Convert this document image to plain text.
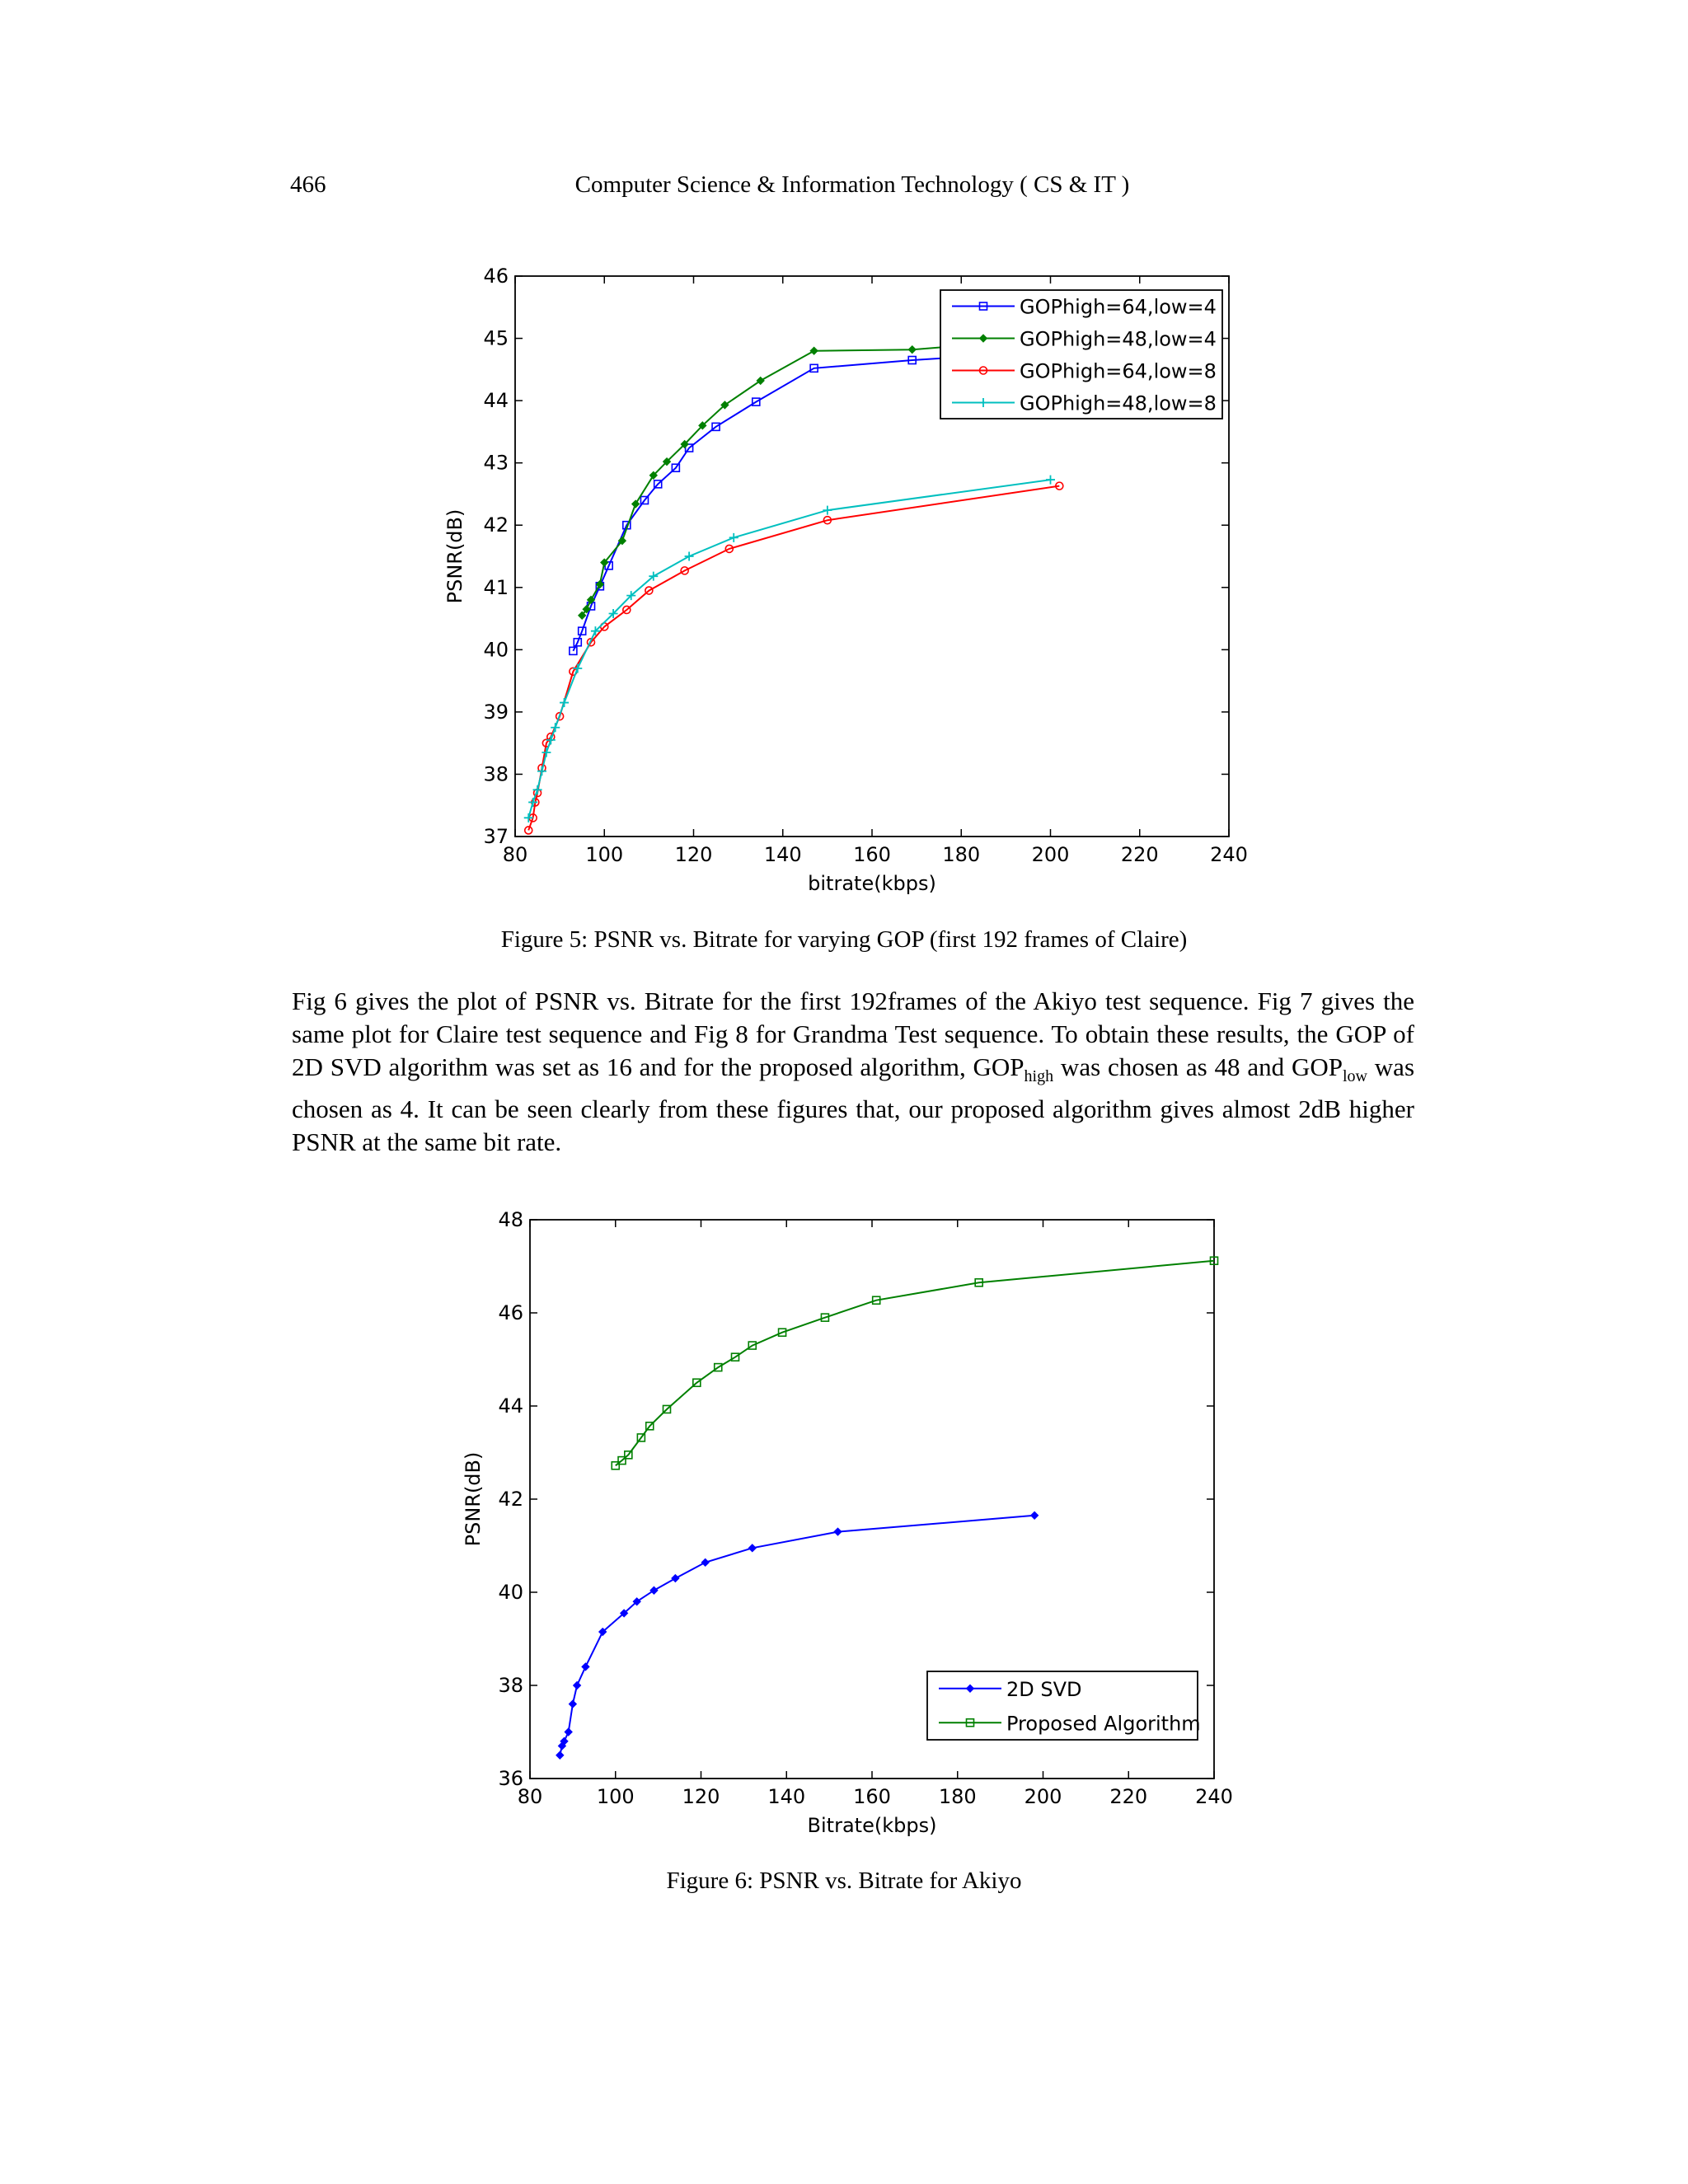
466	Computer Science & Information Technology ( CS & IT )
80	100	120	140	160	180	200	220	240
37
38
39
40
41
42
43
44
45
46
bitrate(kbps)
PSNR(dB)
GOPhigh=64,low=4
GOPhigh=48,low=4
GOPhigh=64,low=8
GOPhigh=48,low=8
Figure 5: PSNR vs. Bitrate for varying GOP (first 192 frames of Claire)
Fig 6 gives the plot of PSNR vs. Bitrate for the first 192frames of the Akiyo test sequence. Fig 7 gives the same plot for Claire test sequence and Fig 8 for Grandma Test sequence. To obtain these results, the GOP of 2D SVD algorithm was set as 16 and for the proposed algorithm, $GOP_{high}$ was chosen as 48 and $GOP_{low}$ was chosen as 4. It can be seen clearly from these figures that, our proposed algorithm gives almost 2dB higher PSNR at the same bit rate.
80	100 120 140 160 180 200 220 240
36
38
40
42
44
46
48
Bitrate(kbps)
PSNR(dB)
2D SVD
Proposed Algorithm
Figure 6: PSNR vs. Bitrate for Akiyo
